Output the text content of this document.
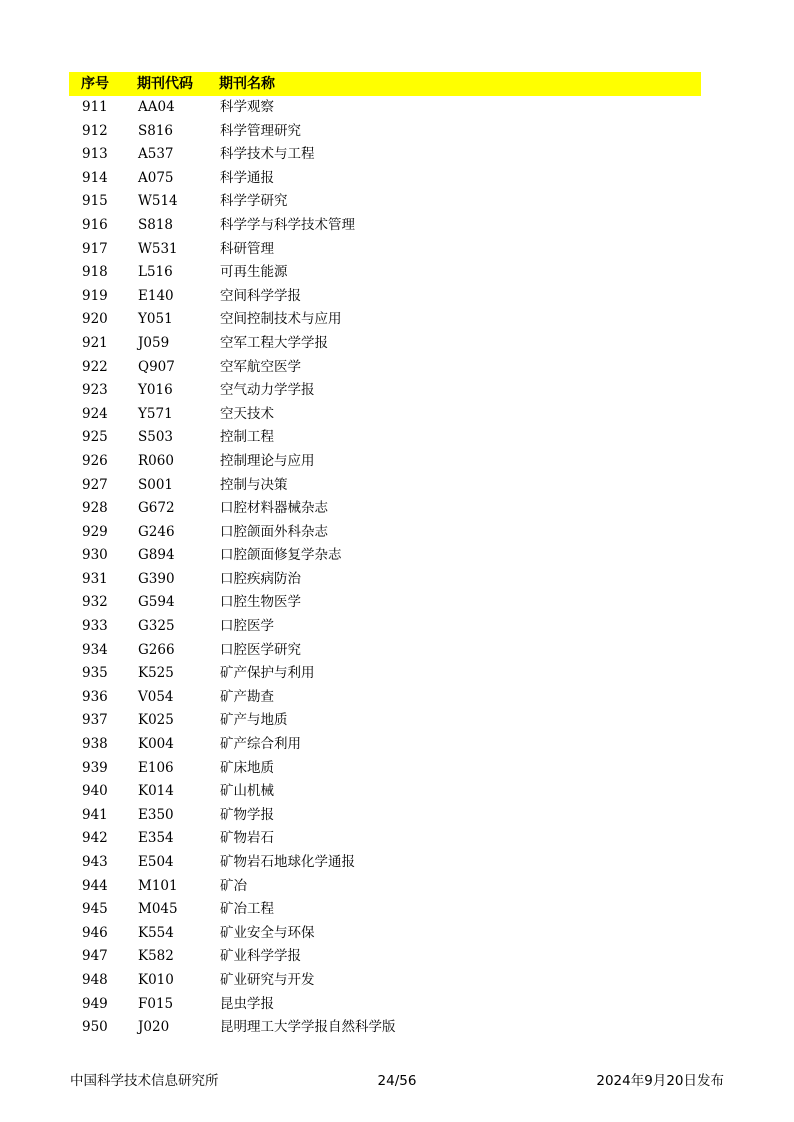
序号 期刊代码 期刊名称
911 AA04	科学观察
912 S816	科学管理研究
913 A537	科学技术与工程
914 A075	科学通报
915 W514	科学学研究
916 S818	科学学与科学技术管理
917 W531	科研管理
918 L516	可再生能源
919 E140	空间科学学报
920 Y051	空间控制技术与应用
921 J059	空军工程大学学报
922 Q907	空军航空医学
923 Y016	空气动力学学报
924 Y571	空天技术
925 S503	控制工程
926 R060	控制理论与应用
927 S001	控制与决策
928 G672	口腔材料器械杂志
929 G246	口腔颌面外科杂志
930 G894	口腔颌面修复学杂志
931 G390	口腔疾病防治
932 G594	口腔生物医学
933 G325	口腔医学
934 G266	口腔医学研究
935 K525	矿产保护与利用
936 V054	矿产勘查
937 K025	矿产与地质
938 K004	矿产综合利用
939 E106	矿床地质
940 K014	矿山机械
941 E350	矿物学报
942 E354	矿物岩石
943 E504	矿物岩石地球化学通报
944 M101	矿冶
945 M045	矿冶工程
946 K554	矿业安全与环保
947 K582	矿业科学学报
948 K010	矿业研究与开发
949 F015	昆虫学报
950 J020	昆明理工大学学报自然科学版
中国科学技术信息研究所	24/56	2024年9月20日发布
